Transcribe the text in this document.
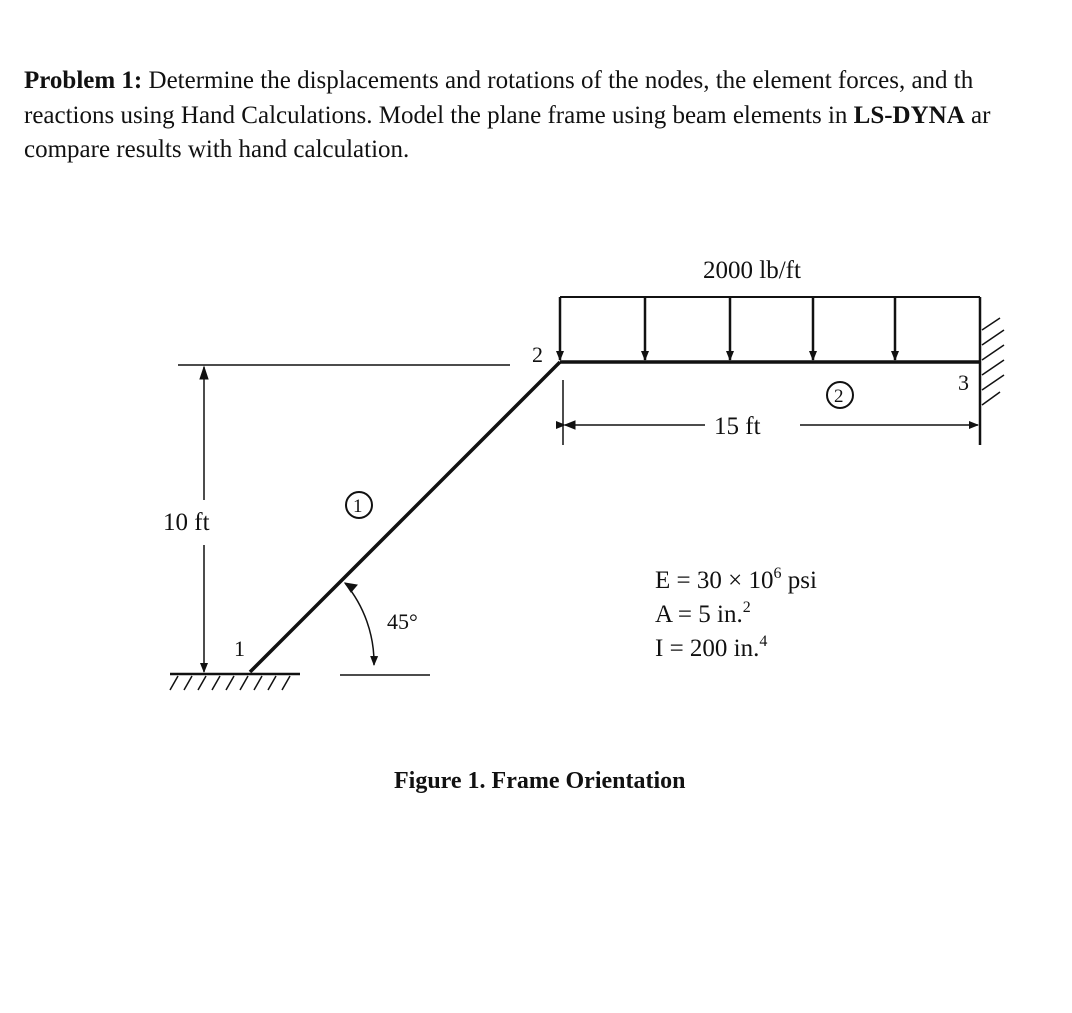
Problem 1: Determine the displacements and rotations of the nodes, the element forces, and th
reactions using Hand Calculations. Model the plane frame using beam elements in LS-DYNA ar
compare results with hand calculation.
2000 lb/ft
15 ft
10 ft
45°
1
2
3
1
2
$E = 30 \times 10^6$ psi
A = 5 in.$^2$
I = 200 in.$^4$
Figure 1. Frame Orientation
